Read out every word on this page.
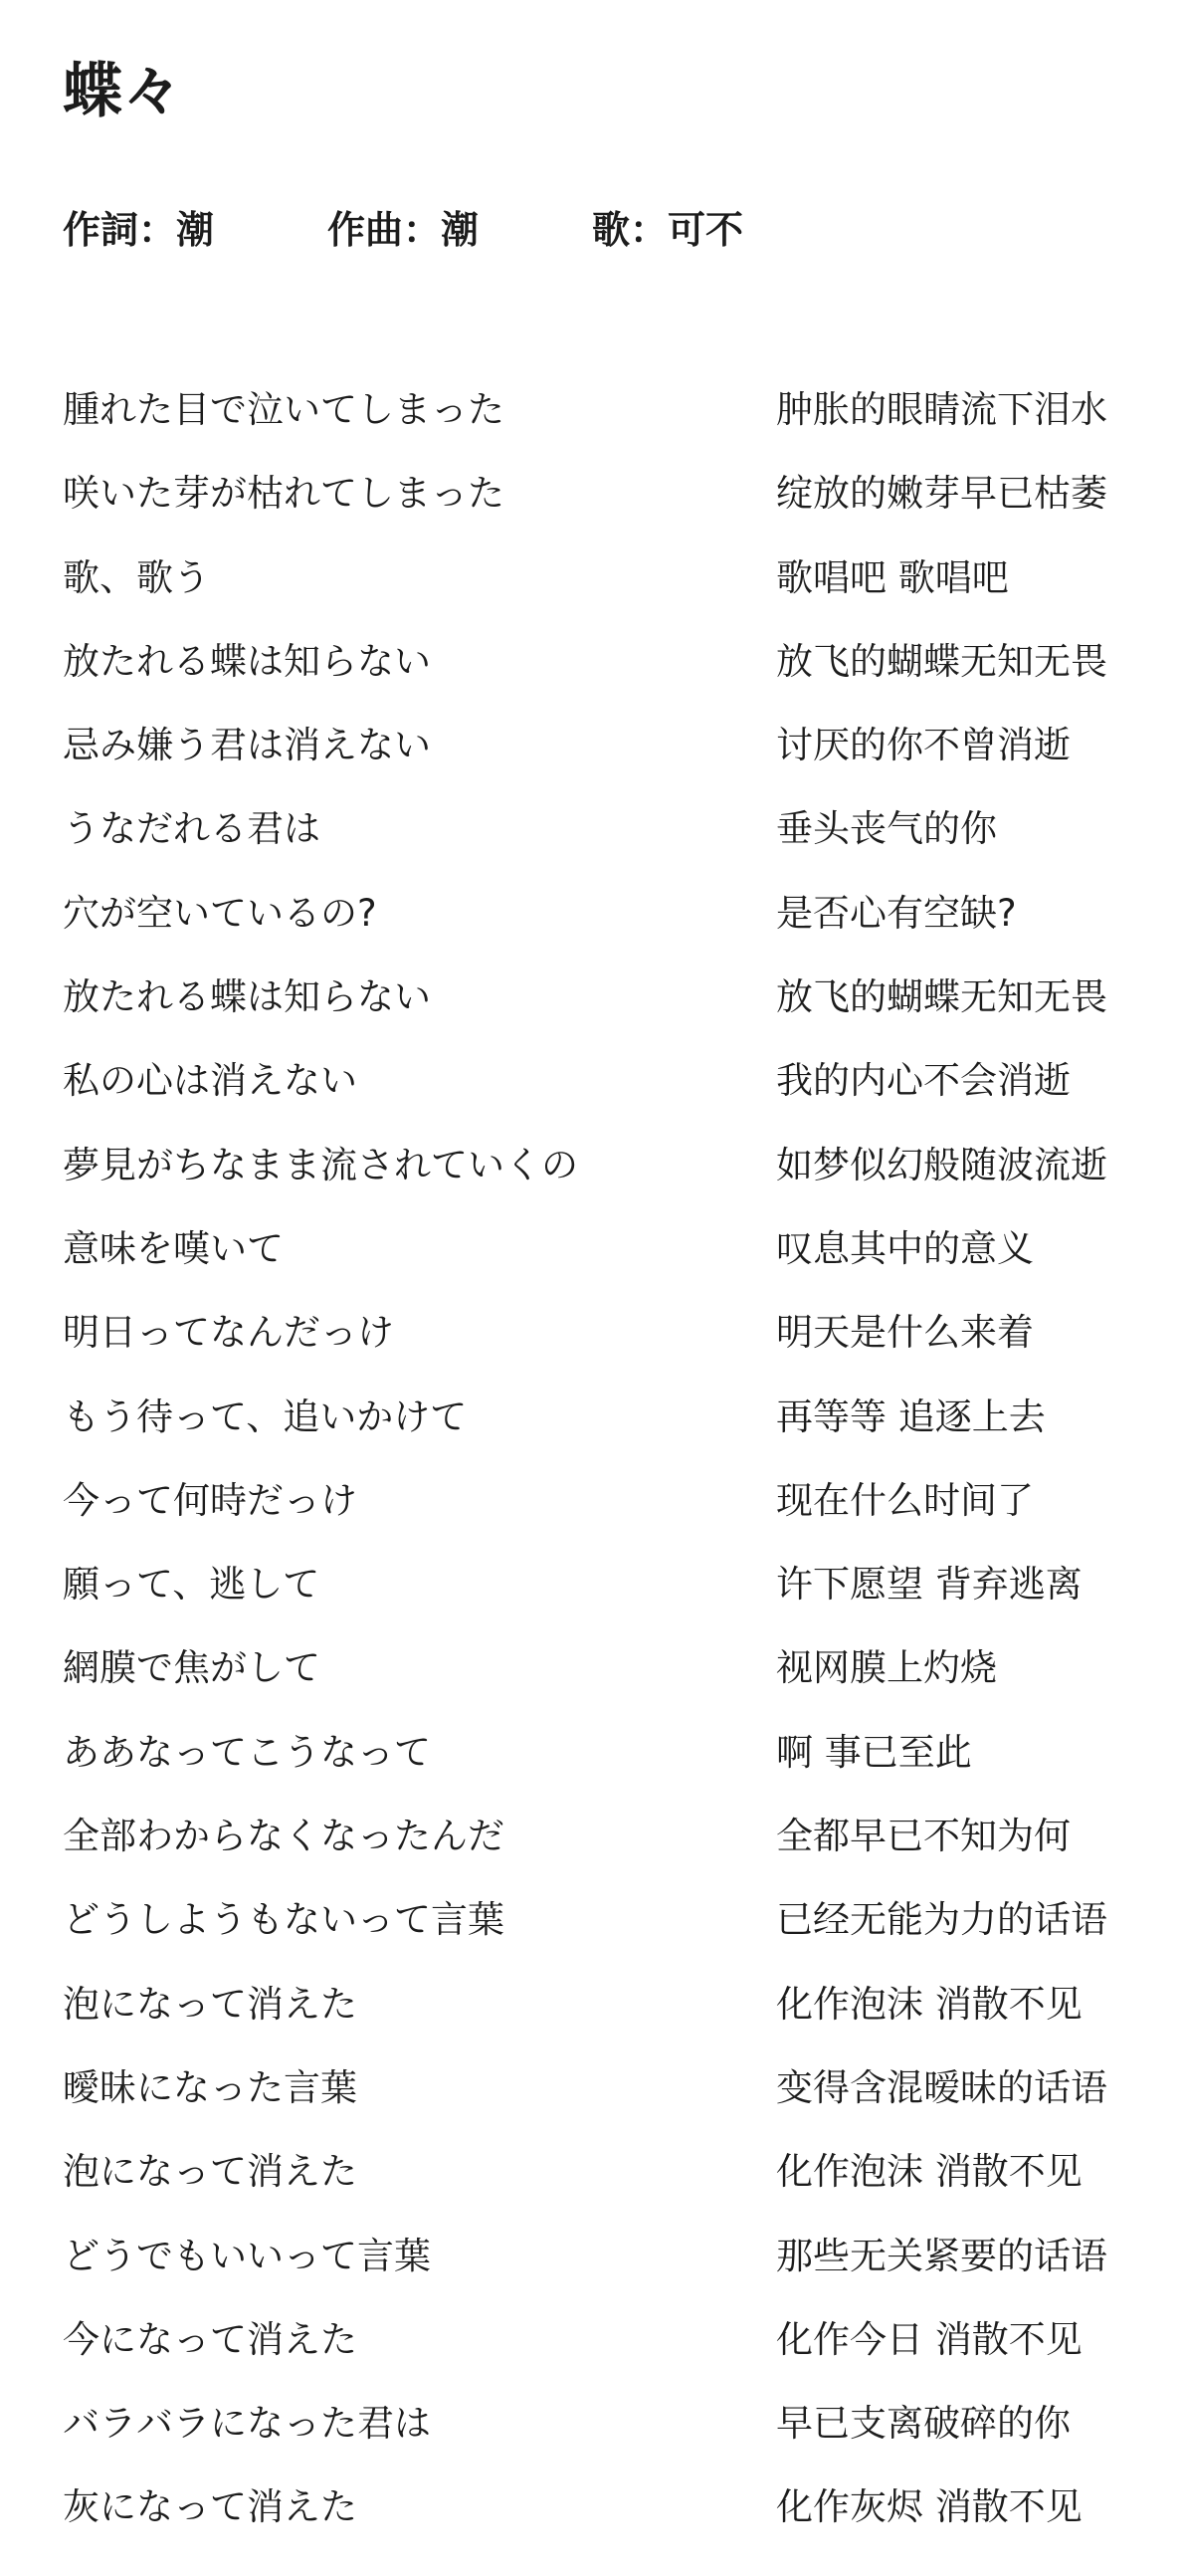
蝶々
作詞： 潮	作曲： 潮	歌： 可不
腫れた目で泣いてしまった	肿胀的眼睛流下泪水
咲いた芽が枯れてしまった	绽放的嫩芽早已枯萎
歌、歌う	歌唱吧 歌唱吧
放たれる蝶は知らない	放飞的蝴蝶无知无畏
忌み嫌う君は消えない	讨厌的你不曾消逝
うなだれる君は	垂头丧气的你
穴が空いているの?	是否心有空缺?
放たれる蝶は知らない	放飞的蝴蝶无知无畏
私の心は消えない	我的内心不会消逝
夢見がちなまま流されていくの	如梦似幻般随波流逝
意味を嘆いて	叹息其中的意义
明日ってなんだっけ	明天是什么来着
もう待って、追いかけて	再等等 追逐上去
今って何時だっけ	现在什么时间了
願って、逃して	许下愿望 背弃逃离
網膜で焦がして	视网膜上灼烧
ああなってこうなって	啊 事已至此
全部わからなくなったんだ	全都早已不知为何
どうしようもないって言葉	已经无能为力的话语
泡になって消えた	化作泡沫 消散不见
曖昧になった言葉	变得含混暧昧的话语
泡になって消えた	化作泡沫 消散不见
どうでもいいって言葉	那些无关紧要的话语
今になって消えた	化作今日 消散不见
バラバラになった君は	早已支离破碎的你
灰になって消えた	化作灰烬 消散不见
